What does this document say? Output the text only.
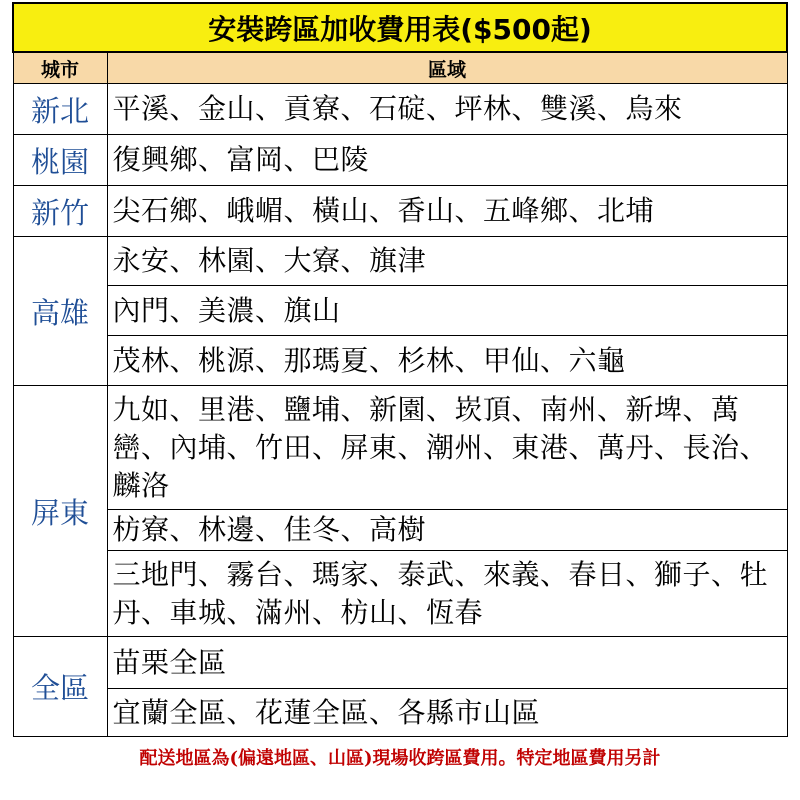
安裝跨區加收費用表($500起)	
城市	區域
新北	平溪、金山、貢寮、石碇、坪林、雙溪、烏來
桃園	復興鄉、富岡、巴陵
新竹	尖石鄉、峨嵋、橫山、香山、五峰鄉、北埔
高雄	永安、林園、大寮、旗津
	內門、美濃、旗山
	茂林、桃源、那瑪夏、杉林、甲仙、六龜
屏東	九如、里港、鹽埔、新園、崁頂、南州、新埤、萬巒、內埔、竹田、屏東、潮州、東港、萬丹、長治、麟洛
	枋寮、林邊、佳冬、高樹
	三地門、霧台、瑪家、泰武、來義、春日、獅子、牡丹、車城、滿州、枋山、恆春
全區	苗栗全區
	宜蘭全區、花蓮全區、各縣市山區
配送地區為(偏遠地區、山區)現場收跨區費用。特定地區費用另計	
